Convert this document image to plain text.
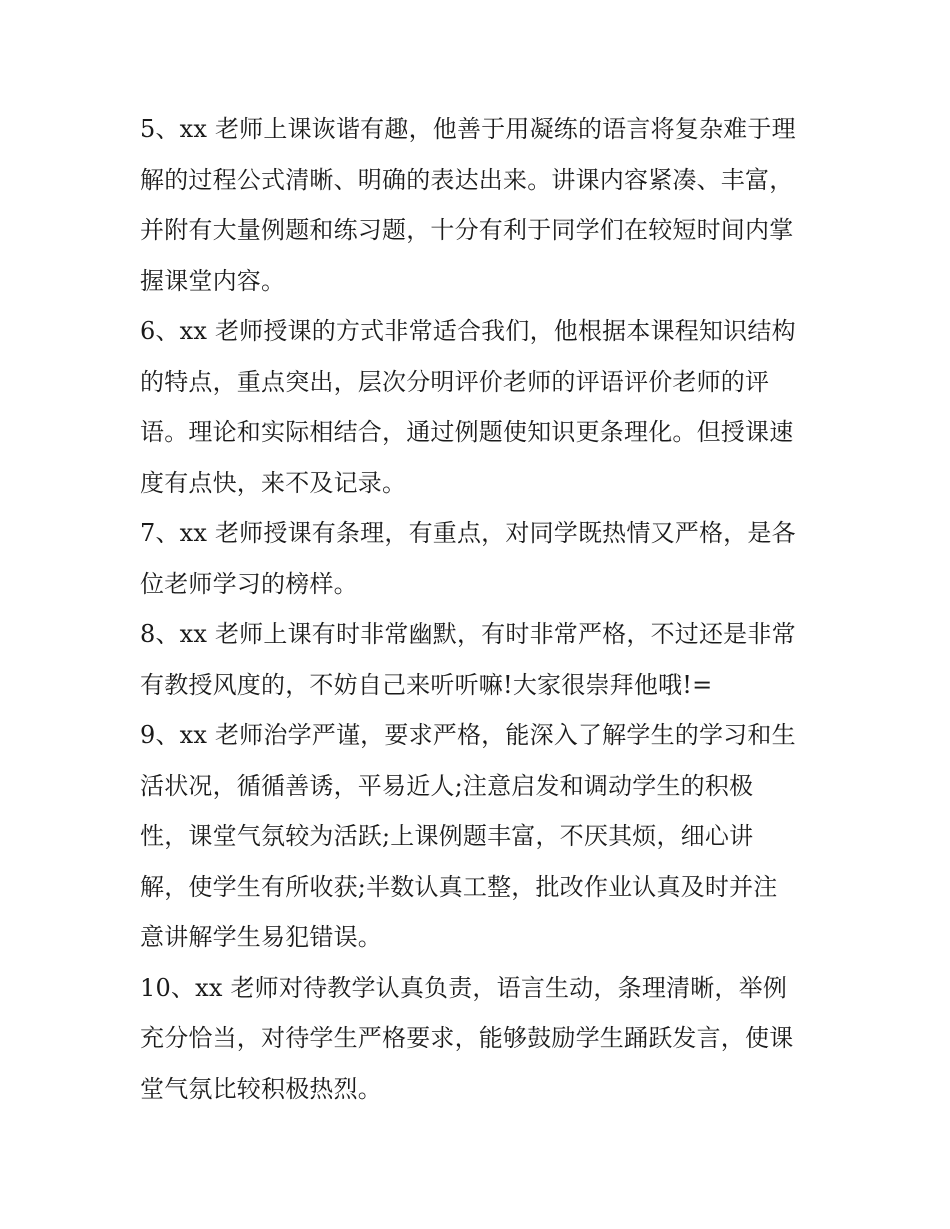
5、xx 老师上课诙谐有趣，他善于用凝练的语言将复杂难于理
解的过程公式清晰、明确的表达出来。讲课内容紧凑、丰富，
并附有大量例题和练习题，十分有利于同学们在较短时间内掌
握课堂内容。

6、xx 老师授课的方式非常适合我们，他根据本课程知识结构
的特点，重点突出，层次分明评价老师的评语评价老师的评
语。理论和实际相结合，通过例题使知识更条理化。但授课速
度有点快，来不及记录。

7、xx 老师授课有条理，有重点，对同学既热情又严格，是各
位老师学习的榜样。

8、xx 老师上课有时非常幽默，有时非常严格，不过还是非常
有教授风度的，不妨自己来听听嘛!大家很崇拜他哦!=

9、xx 老师治学严谨，要求严格，能深入了解学生的学习和生
活状况，循循善诱，平易近人;注意启发和调动学生的积极
性，课堂气氛较为活跃;上课例题丰富，不厌其烦，细心讲
解，使学生有所收获;半数认真工整，批改作业认真及时并注
意讲解学生易犯错误。

10、xx 老师对待教学认真负责，语言生动，条理清晰，举例
充分恰当，对待学生严格要求，能够鼓励学生踊跃发言，使课
堂气氛比较积极热烈。
